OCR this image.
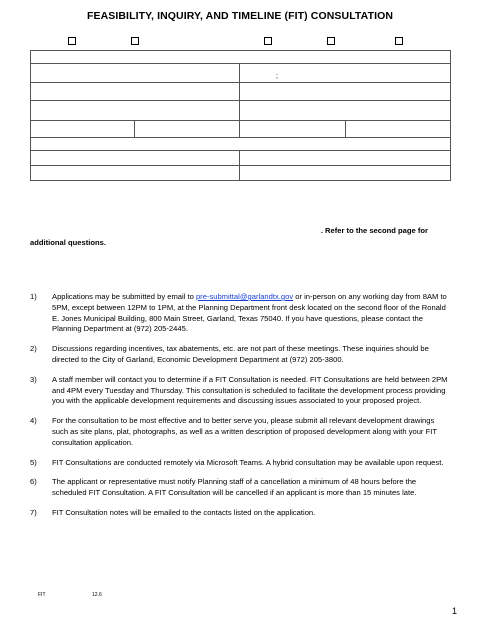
FEASIBILITY, INQUIRY, AND TIMELINE (FIT) CONSULTATION
;
. Refer to the second page for
additional questions.
1) Applications may be submitted by email to pre-submittal@garlandtx.gov or in-person on any working day from 8AM to 5PM, except between 12PM to 1PM, at the Planning Department front desk located on the second floor of the Ronald E. Jones Municipal Building, 800 Main Street, Garland, Texas 75040. If you have questions, please contact the Planning Department at (972) 205-2445.
2) Discussions regarding incentives, tax abatements, etc. are not part of these meetings. These inquiries should be directed to the City of Garland, Economic Development Department at (972) 205-3800.
3) A staff member will contact you to determine if a FIT Consultation is needed. FIT Consultations are held between 2PM and 4PM every Tuesday and Thursday. This consultation is scheduled to facilitate the development process providing you with the applicable development requirements and discussing issues associated to your proposed project.
4) For the consultation to be most effective and to better serve you, please submit all relevant development drawings such as site plans, plat, photographs, as well as a written description of proposed development along with your FIT consultation application.
5) FIT Consultations are conducted remotely via Microsoft Teams. A hybrid consultation may be available upon request.
6) The applicant or representative must notify Planning staff of a cancellation a minimum of 48 hours before the scheduled FIT Consultation. A FIT Consultation will be cancelled if an applicant is more than 15 minutes late.
7) FIT Consultation notes will be emailed to the contacts listed on the application.
FIT	12.6
1
